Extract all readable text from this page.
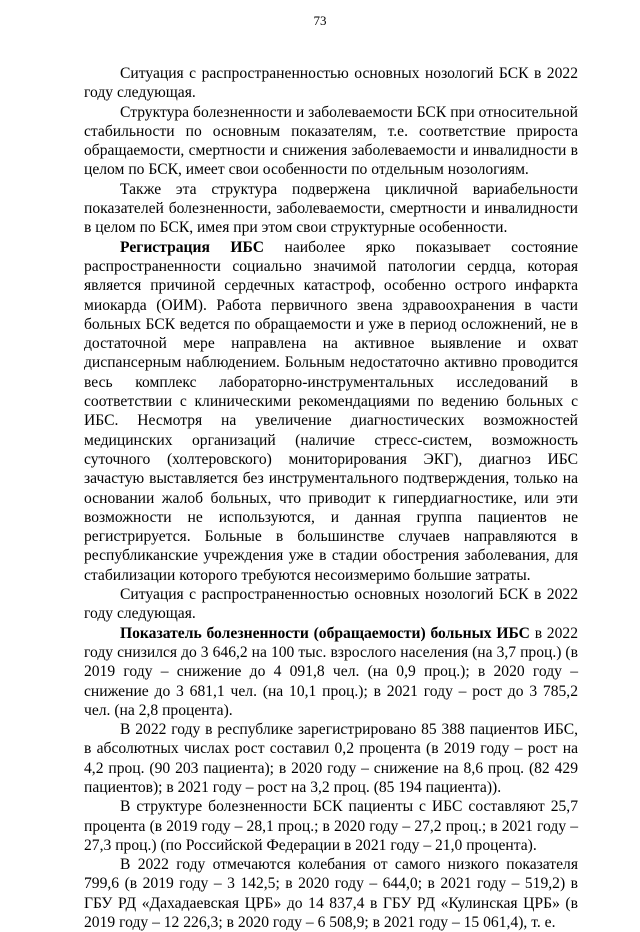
73

Ситуация с распространенностью основных нозологий БСК в 2022 году следующая.

Структура болезненности и заболеваемости БСК при относительной стабильности по основным показателям, т.е. соответствие прироста обращаемости, смертности и снижения заболеваемости и инвалидности в целом по БСК, имеет свои особенности по отдельным нозологиям.

Также эта структура подвержена цикличной вариабельности показателей болезненности, заболеваемости, смертности и инвалидности в целом по БСК, имея при этом свои структурные особенности.

Регистрация ИБС наиболее ярко показывает состояние распространенности социально значимой патологии сердца, которая является причиной сердечных катастроф, особенно острого инфаркта миокарда (ОИМ). Работа первичного звена здравоохранения в части больных БСК ведется по обращаемости и уже в период осложнений, не в достаточной мере направлена на активное выявление и охват диспансерным наблюдением. Больным недостаточно активно проводится весь комплекс лабораторно-инструментальных исследований в соответствии с клиническими рекомендациями по ведению больных с ИБС. Несмотря на увеличение диагностических возможностей медицинских организаций (наличие стресс-систем, возможность суточного (холтеровского) мониторирования ЭКГ), диагноз ИБС зачастую выставляется без инструментального подтверждения, только на основании жалоб больных, что приводит к гипердиагностике, или эти возможности не используются, и данная группа пациентов не регистрируется. Больные в большинстве случаев направляются в республиканские учреждения уже в стадии обострения заболевания, для стабилизации которого требуются несоизмеримо большие затраты.

Ситуация с распространенностью основных нозологий БСК в 2022 году следующая.

Показатель болезненности (обращаемости) больных ИБС в 2022 году снизился до 3 646,2 на 100 тыс. взрослого населения (на 3,7 проц.) (в 2019 году – снижение до 4 091,8 чел. (на 0,9 проц.); в 2020 году – снижение до 3 681,1 чел. (на 10,1 проц.); в 2021 году – рост до 3 785,2 чел. (на 2,8 процента).

В 2022 году в республике зарегистрировано 85 388 пациентов ИБС, в абсолютных числах рост составил 0,2 процента (в 2019 году – рост на 4,2 проц. (90 203 пациента); в 2020 году – снижение на 8,6 проц. (82 429 пациентов); в 2021 году – рост на 3,2 проц. (85 194 пациента)).

В структуре болезненности БСК пациенты с ИБС составляют 25,7 процента (в 2019 году – 28,1 проц.; в 2020 году – 27,2 проц.; в 2021 году – 27,3 проц.) (по Российской Федерации в 2021 году – 21,0 процента).

В 2022 году отмечаются колебания от самого низкого показателя 799,6 (в 2019 году – 3 142,5; в 2020 году – 644,0; в 2021 году – 519,2) в ГБУ РД «Дахадаевская ЦРБ» до 14 837,4 в ГБУ РД «Кулинская ЦРБ» (в 2019 году – 12 226,3; в 2020 году – 6 508,9; в 2021 году – 15 061,4), т. е.
